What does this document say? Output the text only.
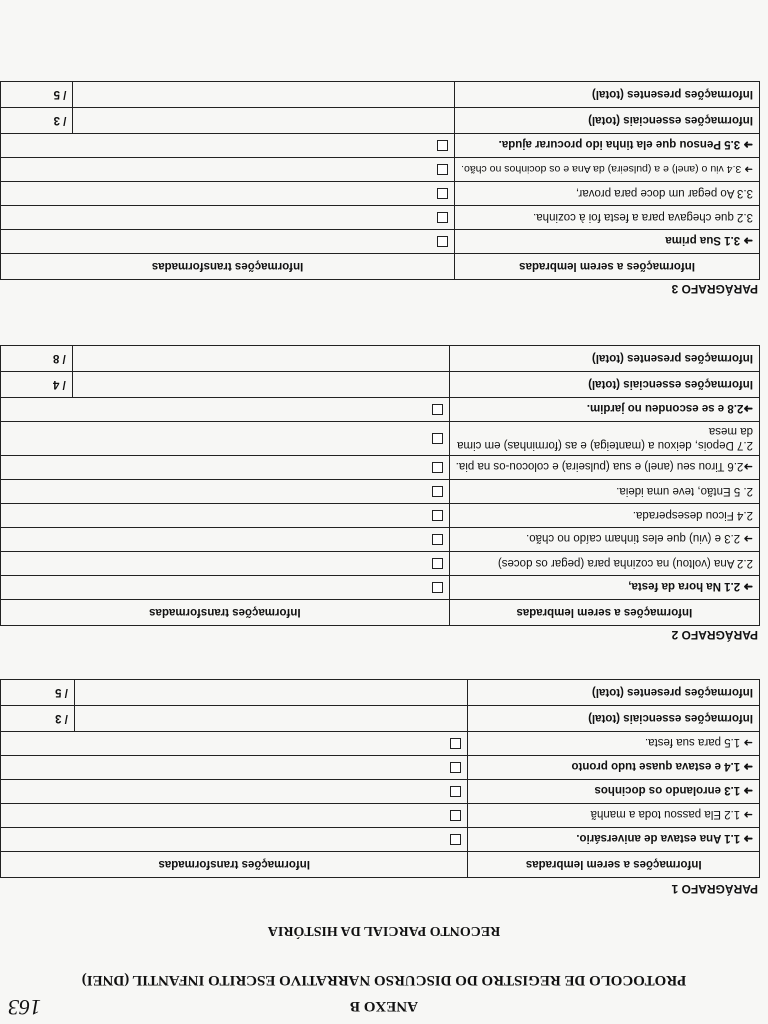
163	ANEXO B
PROTOCOLO DE REGISTRO DO DISCURSO NARRATIVO ESCRITO INFANTIL (DNEI)
RECONTO PARCIAL DA HISTÓRIA
PARÁGRAFO 1
Informações a serem lembradas	Informações transformadas	
➜ 1.1 Ana estava de aniversário.		
➜ 1.2 Ela passou toda a manhã		
➜ 1.3 enrolando os docinhos		
➜ 1.4 e estava quase tudo pronto		
➜ 1.5 para sua festa.		
Informações essenciais (total)		/ 3
Informações presentes (total)		/ 5
PARÁGRAFO 2
Informações a serem lembradas	Informações transformadas	
➜ 2.1 Na hora da festa,		
2.2 Ana (voltou) na cozinha para (pegar os doces)		
➜ 2.3 e (viu) que eles tinham caído no chão.		
2.4 Ficou desesperada.		
2. 5 Então, teve uma ideia.		
➜2.6 Tirou seu (anel) e sua (pulseira) e colocou-os na pia.		
2.7 Depois, deixou a (manteiga) e as (forminhas) em cima da mesa		
➜2.8 e se escondeu no jardim.		
Informações essenciais (total)		/ 4
Informações presentes (total)		/ 8
PARÁGRAFO 3
Informações a serem lembradas	Informações transformadas	
➜ 3.1 Sua prima		
3.2 que chegava para a festa foi à cozinha.		
3.3 Ao pegar um doce para provar,		
➜ 3.4 viu o (anel) e a (pulseira) da Ana e os docinhos no chão.		
➜ 3.5 Pensou que ela tinha ido procurar ajuda.		
Informações essenciais (total)		/ 3
Informações presentes (total)		/ 5
